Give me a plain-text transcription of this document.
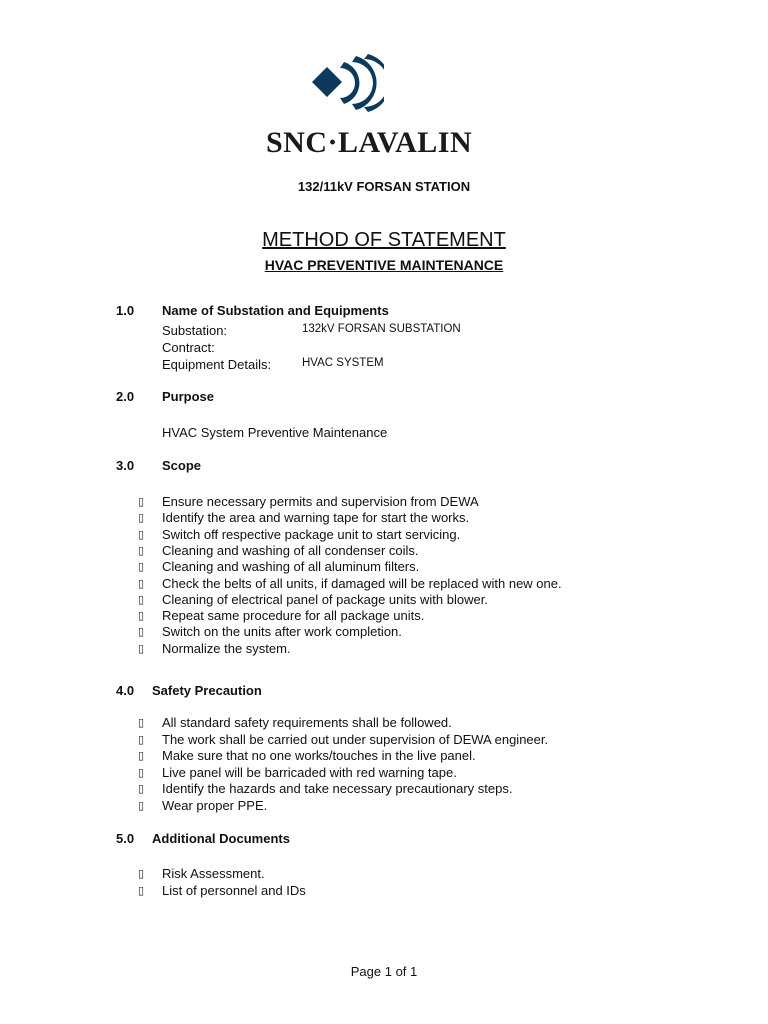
SNC·LAVALIN
132/11kV FORSAN STATION
METHOD OF STATEMENT
HVAC PREVENTIVE MAINTENANCE
1.0 Name of Substation and Equipments
Substation:	132kV FORSAN SUBSTATION
Contract:
Equipment Details:	HVAC SYSTEM
2.0 Purpose
HVAC System Preventive Maintenance
3.0 Scope
▯ Ensure necessary permits and supervision from DEWA
▯ Identify the area and warning tape for start the works.
▯ Switch off respective package unit to start servicing.
▯ Cleaning and washing of all condenser coils.
▯ Cleaning and washing of all aluminum filters.
▯ Check the belts of all units, if damaged will be replaced with new one.
▯ Cleaning of electrical panel of package units with blower.
▯ Repeat same procedure for all package units.
▯ Switch on the units after work completion.
▯ Normalize the system.
4.0 Safety Precaution
▯ All standard safety requirements shall be followed.
▯ The work shall be carried out under supervision of DEWA engineer.
▯ Make sure that no one works/touches in the live panel.
▯ Live panel will be barricaded with red warning tape.
▯ Identify the hazards and take necessary precautionary steps.
▯ Wear proper PPE.
5.0 Additional Documents
▯ Risk Assessment.
▯ List of personnel and IDs
Page 1 of 1
